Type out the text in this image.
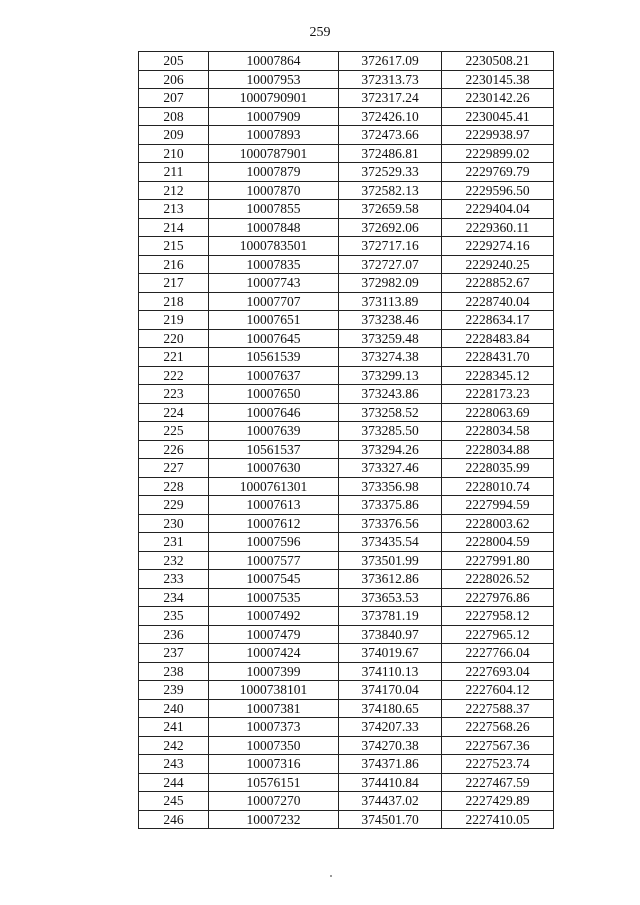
259
205	10007864	372617.09	2230508.21
206	10007953	372313.73	2230145.38
207	1000790901	372317.24	2230142.26
208	10007909	372426.10	2230045.41
209	10007893	372473.66	2229938.97
210	1000787901	372486.81	2229899.02
211	10007879	372529.33	2229769.79
212	10007870	372582.13	2229596.50
213	10007855	372659.58	2229404.04
214	10007848	372692.06	2229360.11
215	1000783501	372717.16	2229274.16
216	10007835	372727.07	2229240.25
217	10007743	372982.09	2228852.67
218	10007707	373113.89	2228740.04
219	10007651	373238.46	2228634.17
220	10007645	373259.48	2228483.84
221	10561539	373274.38	2228431.70
222	10007637	373299.13	2228345.12
223	10007650	373243.86	2228173.23
224	10007646	373258.52	2228063.69
225	10007639	373285.50	2228034.58
226	10561537	373294.26	2228034.88
227	10007630	373327.46	2228035.99
228	1000761301	373356.98	2228010.74
229	10007613	373375.86	2227994.59
230	10007612	373376.56	2228003.62
231	10007596	373435.54	2228004.59
232	10007577	373501.99	2227991.80
233	10007545	373612.86	2228026.52
234	10007535	373653.53	2227976.86
235	10007492	373781.19	2227958.12
236	10007479	373840.97	2227965.12
237	10007424	374019.67	2227766.04
238	10007399	374110.13	2227693.04
239	1000738101	374170.04	2227604.12
240	10007381	374180.65	2227588.37
241	10007373	374207.33	2227568.26
242	10007350	374270.38	2227567.36
243	10007316	374371.86	2227523.74
244	10576151	374410.84	2227467.59
245	10007270	374437.02	2227429.89
246	10007232	374501.70	2227410.05
